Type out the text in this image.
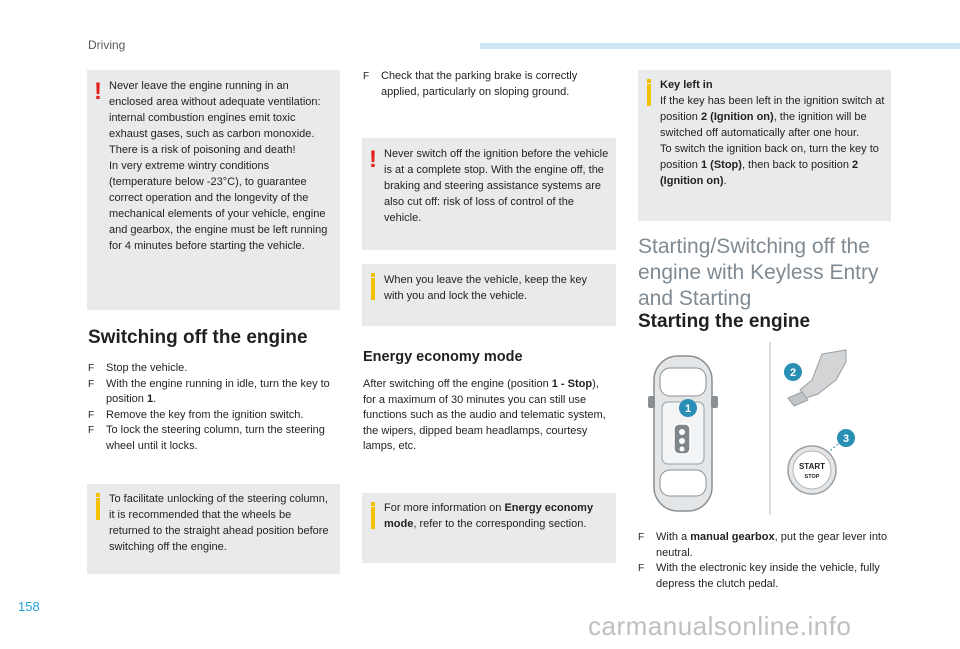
Driving
158
carmanualsonline.info
! Never leave the engine running in an enclosed area without adequate ventilation: internal combustion engines emit toxic exhaust gases, such as carbon monoxide. There is a risk of poisoning and death!

In very extreme wintry conditions (temperature below -23°C), to guarantee correct operation and the longevity of the mechanical elements of your vehicle, engine and gearbox, the engine must be left running for 4 minutes before starting the vehicle.

Switching off the engine
F Stop the vehicle.
F With the engine running in idle, turn the key to position 1.
F Remove the key from the ignition switch.
F To lock the steering column, turn the steering wheel until it locks.

To facilitate unlocking of the steering column, it is recommended that the wheels be returned to the straight ahead position before switching off the engine.

F Check that the parking brake is correctly applied, particularly on sloping ground.
! Never switch off the ignition before the vehicle is at a complete stop. With the engine off, the braking and steering assistance systems are also cut off: risk of loss of control of the vehicle.

When you leave the vehicle, keep the key with you and lock the vehicle.

Energy economy mode
After switching off the engine (position 1 - Stop), for a maximum of 30 minutes you can still use functions such as the audio and telematic system, the wipers, dipped beam headlamps, courtesy lamps, etc.

For more information on Energy economy mode, refer to the corresponding section.

Key left in

If the key has been left in the ignition switch at position 2 (Ignition on), the ignition will be switched off automatically after one hour.

To switch the ignition back on, turn the key to position 1 (Stop), then back to position 2 (Ignition on).

Starting/Switching off the
engine with Keyless Entry
and Starting
Starting the engine
1
2
3
START
STOP
F With a manual gearbox, put the gear lever into neutral.
F With the electronic key inside the vehicle, fully depress the clutch pedal.
